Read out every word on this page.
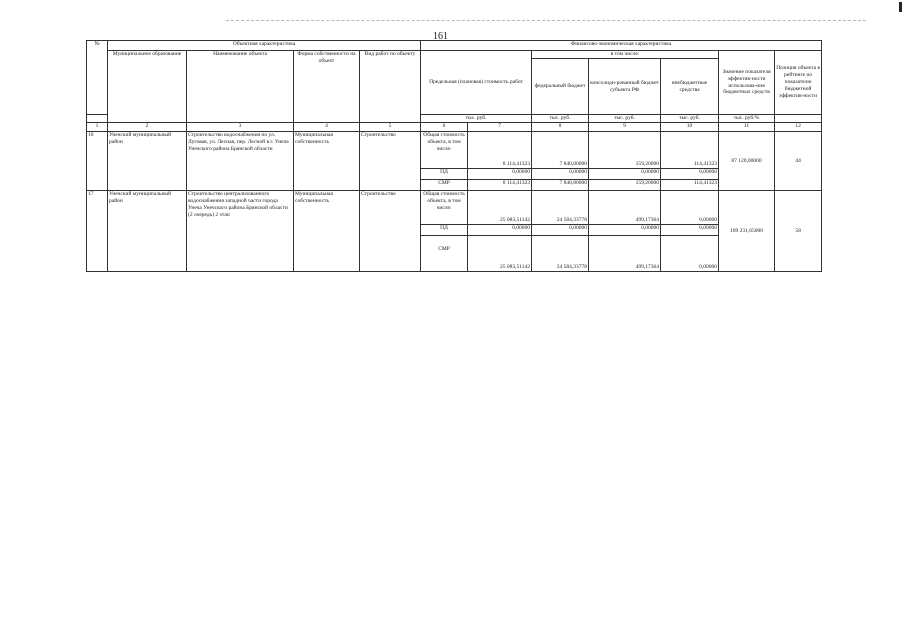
161
№	Объектная характеристика				Финансово-экономическая характеристика						
	Муниципальное образование	Наименование объекта	Форма собственности на объект	Вид работ по объекту	Предельная (плановая) стоимость работ		в том числе:			Значение показателя эффектив-ности использова-ния бюджетных средств	Позиция объекта в рейтинге по показателю бюджетной эффектив-ности
							федеральный бюджет	консолиди-рованный бюджет субъекта РФ	внебюджетные средства		
					тыс. руб.		тыс. руб.	тыс. руб.	тыс. руб.	тыс. руб/%	
1	2	3	4	5	6	7	8	9	10	11	12
16	Унечский муниципальный район	Строительство водоснабжения по ул. Луговая, ул. Лесная, пер. Лесной в г. Унеча Унечского района Брянской области	Муниципальная собственность	Строительство	Общая стоимость объекта, в том числе:	8 114,41323	7 840,80000	159,20000	114,41323	87 120,00000	44
					ПД	0,00000	0,00000	0,00000	0,00000		
					СМР	8 114,41323	7 840,80000	159,20000	114,41323		
17	Унечский муниципальный район	Строительство централизованного водоснабжения западной части города Унеча Унечского района Брянской области (2 очередь) 2 этап	Муниципальная собственность	Строительство	Общая стоимость объекта, в том числе:	25 083,51142	24 584,33778	499,17364	0,00000	109 231,65000	58
					ПД	0,00000	0,00000	0,00000	0,00000		
					СМР	25 083,51142	24 584,33778	499,17364	0,00000		
